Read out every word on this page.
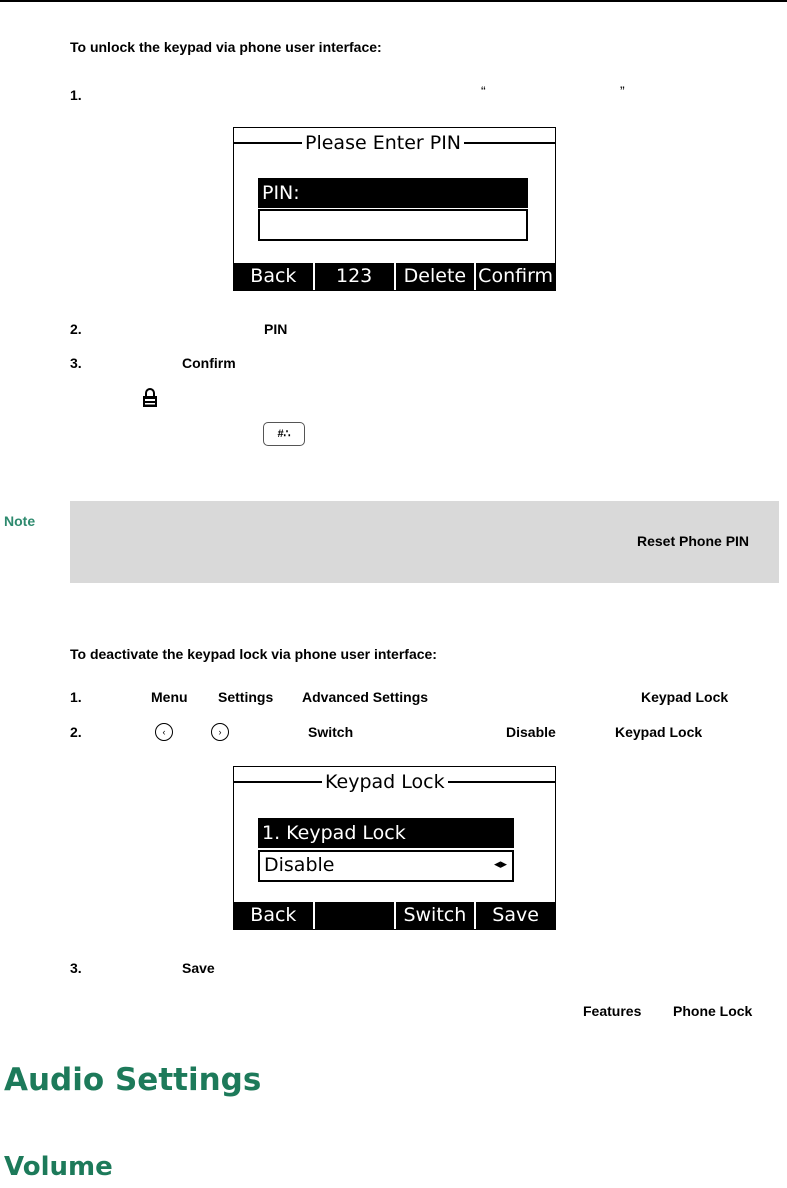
To unlock the keypad via phone user interface:
1.	“	”
Please Enter PIN
PIN:
Back	123	Delete Confirm
2.	PIN
3.	Confirm
#∴
Note
Reset Phone PIN
To deactivate the keypad lock via phone user interface:
1.	Menu Settings Advanced Settings	Keypad Lock
2.	‹	›	Switch	Disable	Keypad Lock
Keypad Lock
1. Keypad Lock
Disable	◂▸
Back	Switch	Save
3.	Save
Features Phone Lock
Audio Settings
Volume
